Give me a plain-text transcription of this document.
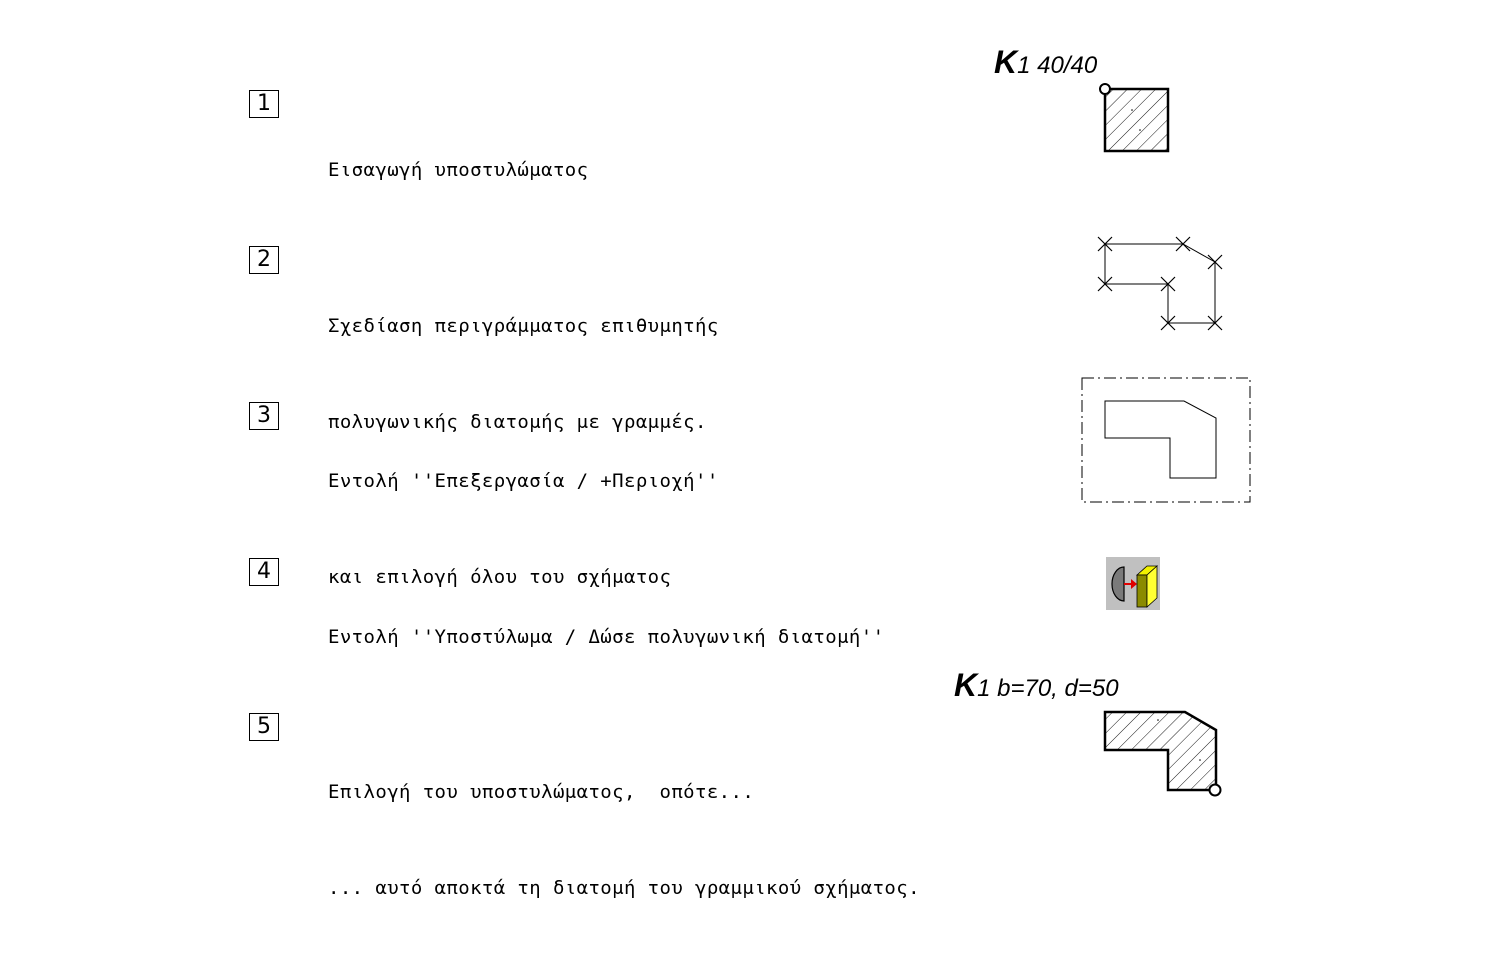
1

Εισαγωγή υποστυλώματος

2

Σχεδίαση περιγράμματος επιθυμητής

πολυγωνικής διατομής με γραμμές.

3

Εντολή ''Επεξεργασία / +Περιοχή''

και επιλογή όλου του σχήματος

4

Εντολή ''Υποστύλωμα / Δώσε πολυγωνική διατομή''

5

Επιλογή του υποστυλώματος,  οπότε...

... αυτό αποκτά τη διατομή του γραμμικού σχήματος.

K1 40/40
K1 b=70, d=50
